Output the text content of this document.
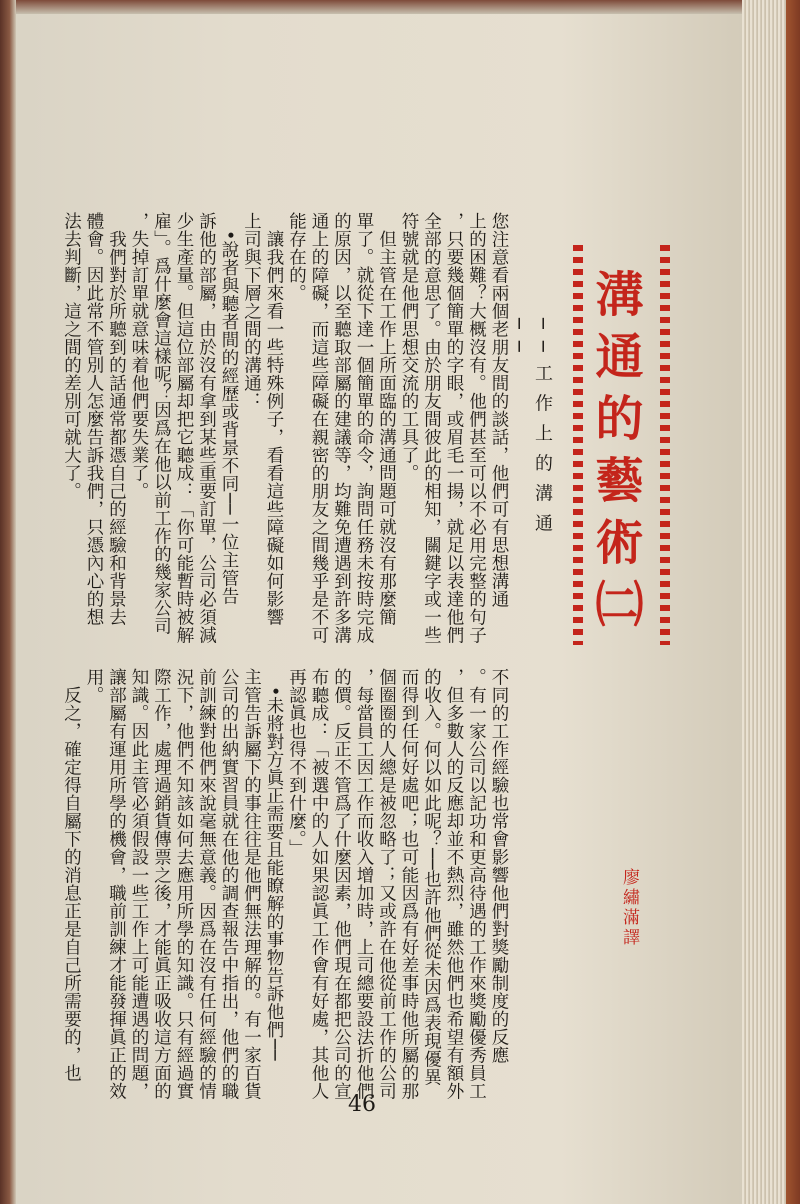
您注意看兩個老朋友間的談話，他們可有思想溝通
上的困難？大概沒有。他們甚至可以不必用完整的句子
，只要幾個簡單的字眼，或眉毛一揚，就足以表達他們
全部的意思了。由於朋友間彼此的相知，關鍵字或一些
符號就是他們思想交流的工具了。
　但主管在工作上所面臨的溝通問題可就沒有那麼簡
單了。就從下達一個簡單的命令，詢問任務未按時完成
的原因，以至聽取部屬的建議等，均難免遭遇到許多溝
通上的障礙，而這些障礙在親密的朋友之間幾乎是不可
能存在的。
　讓我們來看一些特殊例子，看看這些障礙如何影響
上司與下層之間的溝通：
　•說者與聽者間的經歷或背景不同──一位主管告
訴他的部屬，由於沒有拿到某些重要訂單，公司必須減
少生產量。但這位部屬却把它聽成：「你可能暫時被解
雇」。爲什麼會這樣呢？因爲在他以前工作的幾家公司
，失掉訂單就意味着他們要失業了。
　我們對於所聽到的話通常都憑自己的經驗和背景去
體會。因此常不管別人怎麼告訴我們，只憑內心的想
法去判斷，這之間的差別可就大了。
不同的工作經驗也常會影響他們對獎勵制度的反應
。有一家公司以記功和更高待遇的工作來獎勵優秀員工
，但多數人的反應却並不熱烈，雖然他們也希望有額外
的收入。何以如此呢？──也許他們從未因爲表現優異
而得到任何好處吧；也可能因爲有好差事時他所屬的那
個圈圈的人總是被忽略了；又或許在他從前工作的公司
，每當員工因工作而收入增加時，上司總要設法折他們
的價。反正不管爲了什麼因素，他們現在都把公司的宣
布聽成：「被選中的人如果認眞工作會有好處，其他人
再認眞也得不到什麼。」
　•未將對方眞正需要且能瞭解的事物告訴他們──
主管告訴屬下的事往往是他們無法理解的。有一家百貨
公司的出納實習員就在他的調查報告中指出，他們的職
前訓練對他們來說毫無意義。因爲在沒有任何經驗的情
況下，他們不知該如何去應用所學的知識。只有經過實
際工作，處理過銷貨傳票之後，才能眞正吸收這方面的
知識。因此主管必須假設一些工作上可能遭遇的問題，
讓部屬有運用所學的機會，職前訓練才能發揮眞正的效
用。
　反之，確定得自屬下的消息正是自己所需要的，也
溝通的藝術㈡
──工作上的溝通──
廖繡滿譯
46
